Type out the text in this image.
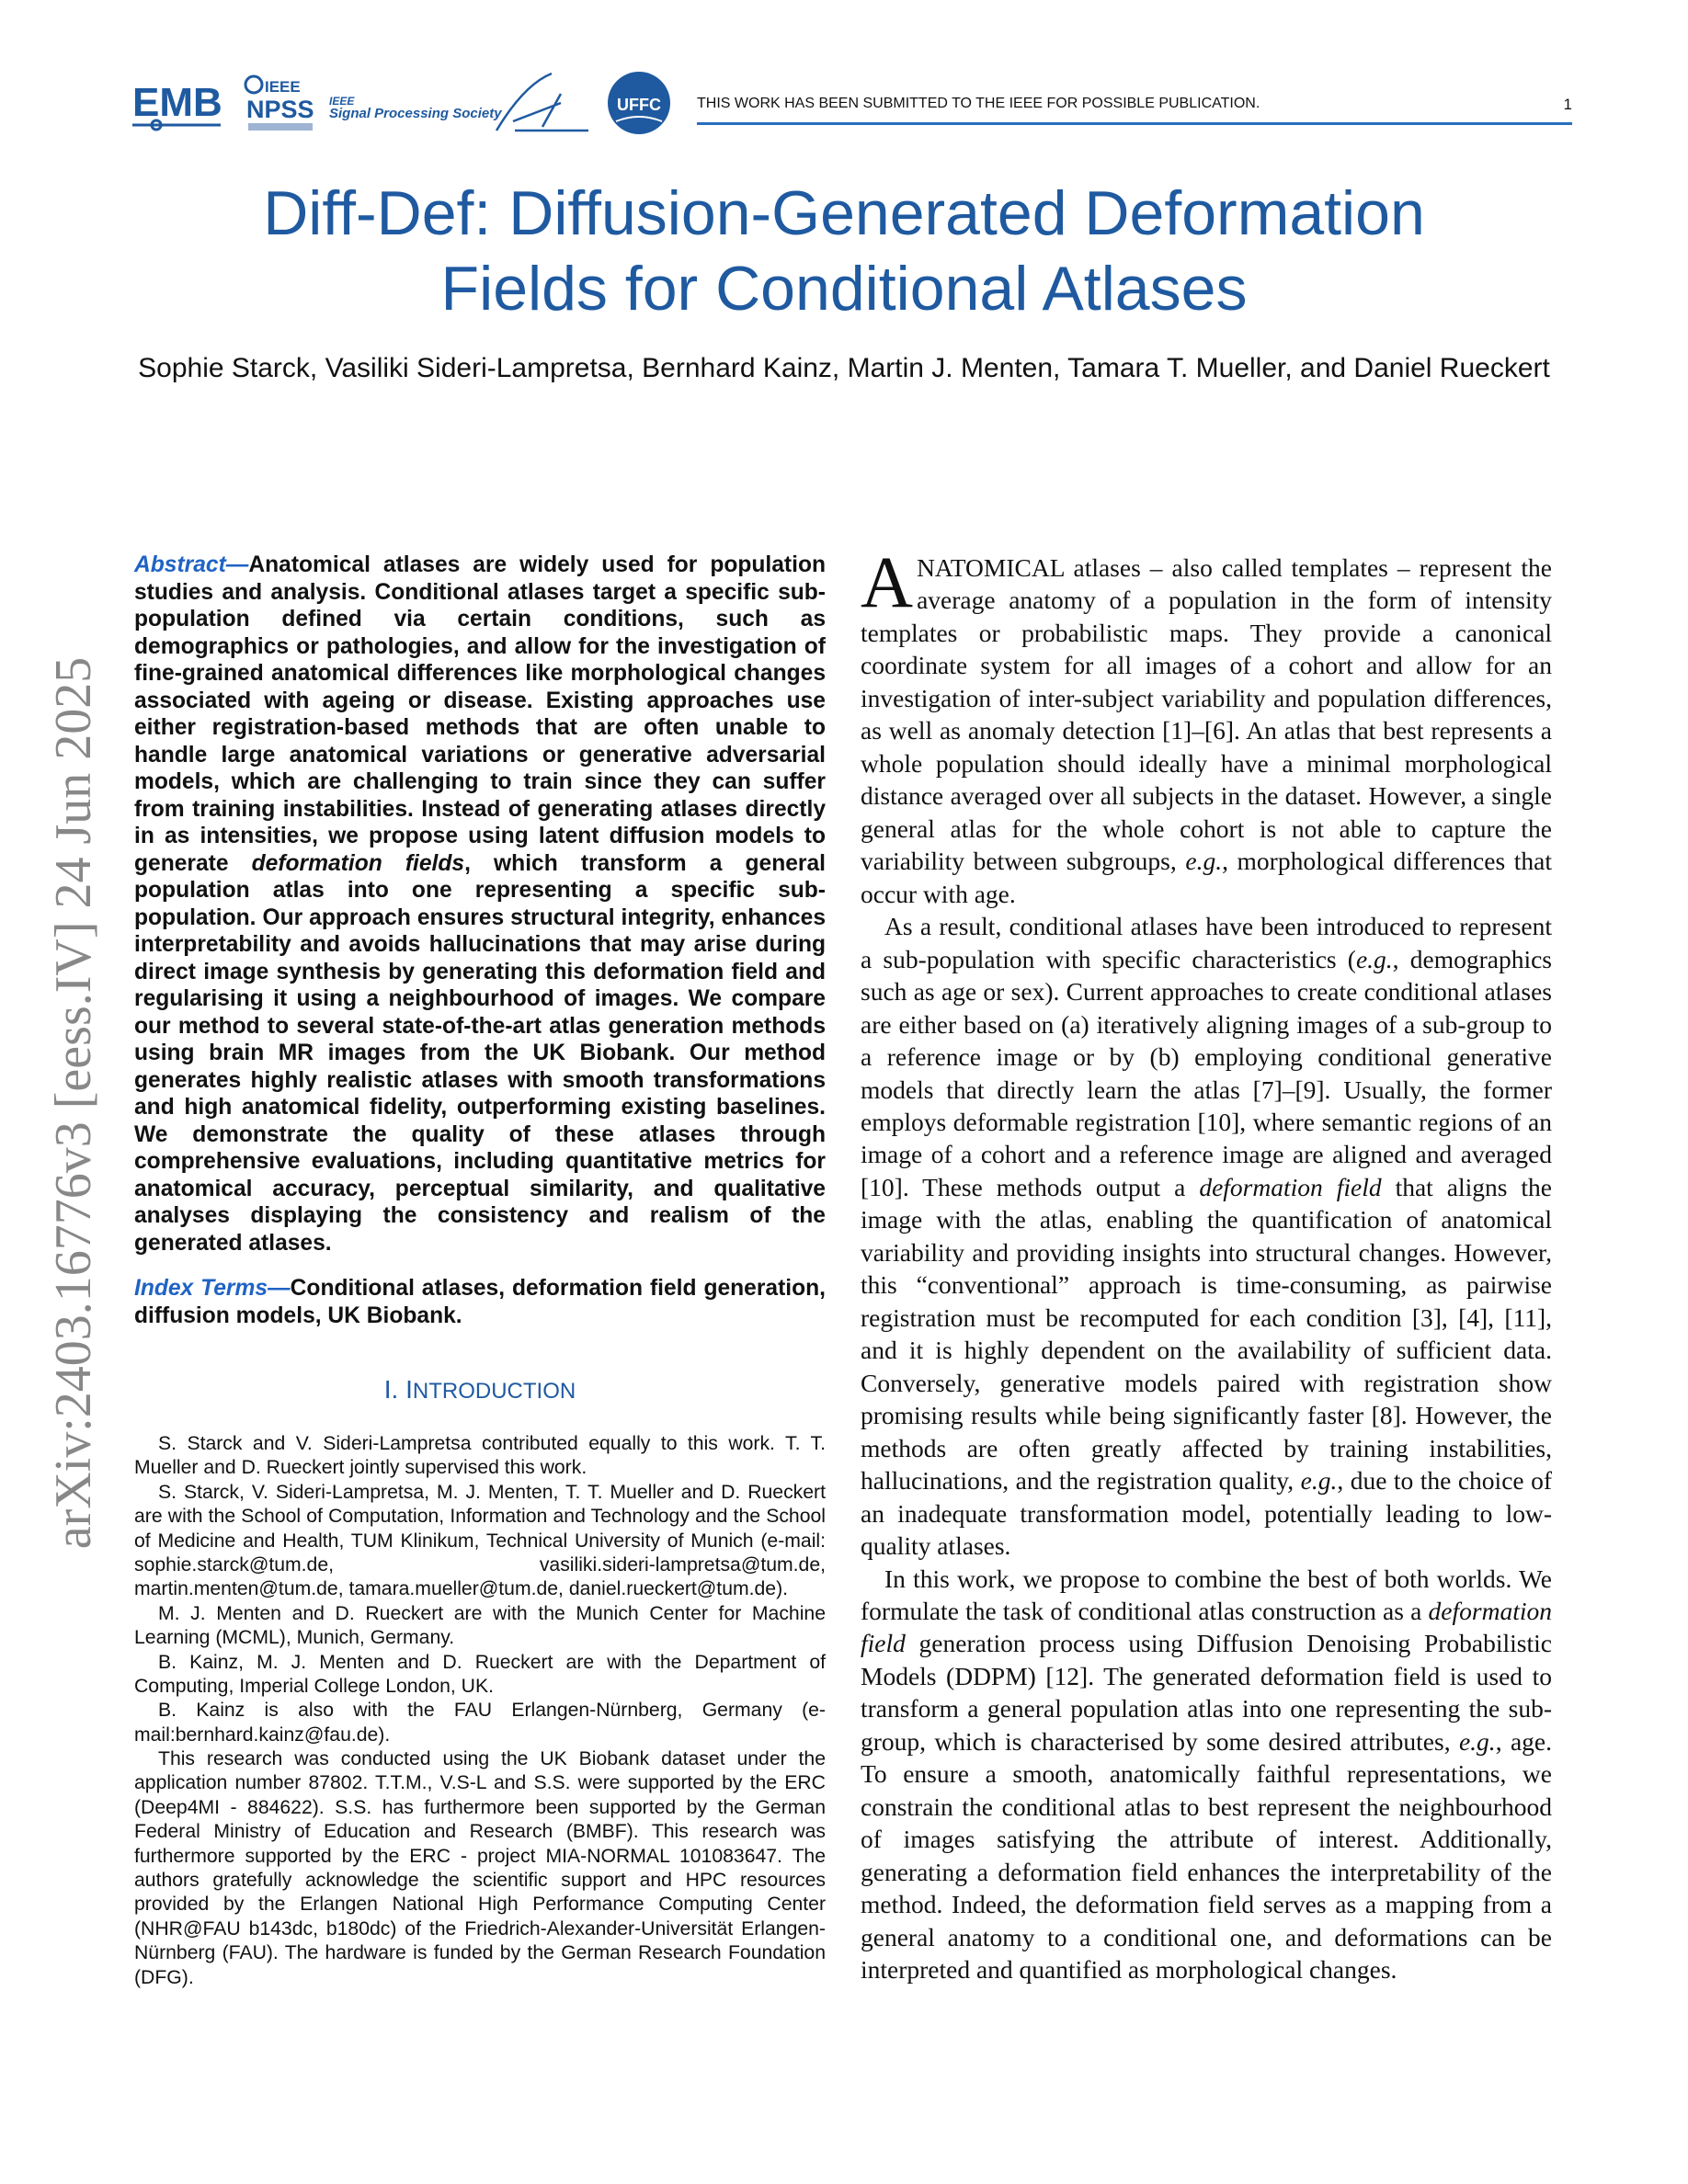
EMB	IEEE
NPSS Signal Processing Society
IEEE	UFFC THIS WORK HAS BEEN SUBMITTED TO THE IEEE FOR POSSIBLE PUBLICATION.	1
Diff-Def: Diffusion-Generated Deformation
Fields for Conditional Atlases
Sophie Starck, Vasiliki Sideri-Lampretsa, Bernhard Kainz, Martin J. Menten, Tamara T. Mueller, and Daniel Rueckert
arXiv:2403.16776v3 [eess.IV] 24 Jun 2025

Abstract—Anatomical atlases are widely used for population studies and analysis. Conditional atlases target a specific sub-population defined via certain conditions, such as demographics or pathologies, and allow for the investigation of fine-grained anatomical differences like morphological changes associated with ageing or disease. Existing approaches use either registration-based methods that are often unable to handle large anatomical variations or generative adversarial models, which are challenging to train since they can suffer from training instabilities. Instead of generating atlases directly in as intensities, we propose using latent diffusion models to generate deformation fields, which transform a general population atlas into one representing a specific sub-population. Our approach ensures structural integrity, enhances interpretability and avoids hallucinations that may arise during direct image synthesis by generating this deformation field and regularising it using a neighbourhood of images. We compare our method to several state-of-the-art atlas generation methods using brain MR images from the UK Biobank. Our method generates highly realistic atlases with smooth transformations and high anatomical fidelity, outperforming existing baselines. We demonstrate the quality of these atlases through comprehensive evaluations, including quantitative metrics for anatomical accuracy, perceptual similarity, and qualitative analyses displaying the consistency and realism of the generated atlases.

Index Terms—Conditional atlases, deformation field generation, diffusion models, UK Biobank.

I. INTRODUCTION

S. Starck and V. Sideri-Lampretsa contributed equally to this work. T. T. Mueller and D. Rueckert jointly supervised this work.

S. Starck, V. Sideri-Lampretsa, M. J. Menten, T. T. Mueller and D. Rueckert are with the School of Computation, Information and Technology and the School of Medicine and Health, TUM Klinikum, Technical University of Munich (e-mail: sophie.starck@tum.de, vasiliki.sideri-lampretsa@tum.de, martin.menten@tum.de, tamara.mueller@tum.de, daniel.rueckert@tum.de).

M. J. Menten and D. Rueckert are with the Munich Center for Machine Learning (MCML), Munich, Germany.

B. Kainz, M. J. Menten and D. Rueckert are with the Department of Computing, Imperial College London, UK.

B. Kainz is also with the FAU Erlangen-Nürnberg, Germany (e-mail:bernhard.kainz@fau.de).

This research was conducted using the UK Biobank dataset under the application number 87802. T.T.M., V.S-L and S.S. were supported by the ERC (Deep4MI - 884622). S.S. has furthermore been supported by the German Federal Ministry of Education and Research (BMBF). This research was furthermore supported by the ERC - project MIA-NORMAL 101083647. The authors gratefully acknowledge the scientific support and HPC resources provided by the Erlangen National High Performance Computing Center (NHR@FAU b143dc, b180dc) of the Friedrich-Alexander-Universität Erlangen-Nürnberg (FAU). The hardware is funded by the German Research Foundation (DFG).

ANATOMICAL atlases – also called templates – represent the average anatomy of a population in the form of intensity templates or probabilistic maps. They provide a canonical coordinate system for all images of a cohort and allow for an investigation of inter-subject variability and population differences, as well as anomaly detection [1]–[6]. An atlas that best represents a whole population should ideally have a minimal morphological distance averaged over all subjects in the dataset. However, a single general atlas for the whole cohort is not able to capture the variability between subgroups, e.g., morphological differences that occur with age.

As a result, conditional atlases have been introduced to represent a sub-population with specific characteristics (e.g., demographics such as age or sex). Current approaches to create conditional atlases are either based on (a) iteratively aligning images of a sub-group to a reference image or by (b) employing conditional generative models that directly learn the atlas [7]–[9]. Usually, the former employs deformable registration [10], where semantic regions of an image of a cohort and a reference image are aligned and averaged [10]. These methods output a deformation field that aligns the image with the atlas, enabling the quantification of anatomical variability and providing insights into structural changes. However, this “conventional” approach is time-consuming, as pairwise registration must be recomputed for each condition [3], [4], [11], and it is highly dependent on the availability of sufficient data. Conversely, generative models paired with registration show promising results while being significantly faster [8]. However, the methods are often greatly affected by training instabilities, hallucinations, and the registration quality, e.g., due to the choice of an inadequate transformation model, potentially leading to low-quality atlases.

In this work, we propose to combine the best of both worlds. We formulate the task of conditional atlas construction as a deformation field generation process using Diffusion Denoising Probabilistic Models (DDPM) [12]. The generated deformation field is used to transform a general population atlas into one representing the sub-group, which is characterised by some desired attributes, e.g., age. To ensure a smooth, anatomically faithful representations, we constrain the conditional atlas to best represent the neighbourhood of images satisfying the attribute of interest. Additionally, generating a deformation field enhances the interpretability of the method. Indeed, the deformation field serves as a mapping from a general anatomy to a conditional one, and deformations can be interpreted and quantified as morphological changes.
